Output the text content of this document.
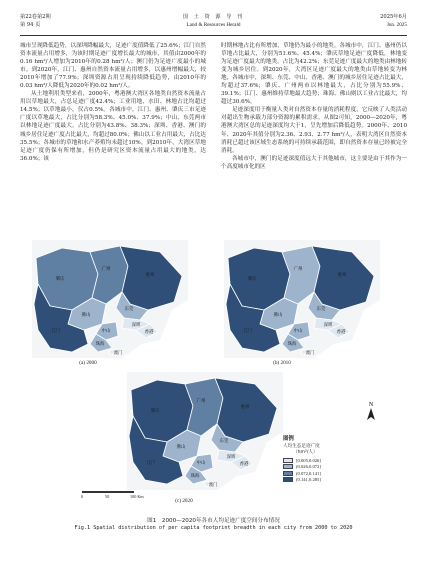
第22卷第2期
第 94 页
国 土 资 源 导 刊
Land & Resources Herald
2025年6月
Jun. 2025

城市呈现降低趋势，以深圳降幅最大，足迹广度值降低了25.6%；江门自然资本流量占用增多，为该时期足迹广度增长最大的城市，其值由2000年的0.16 hm²/人增加为2010年的0.28 hm²/人；澳门仍为足迹广度最小的城市。到2020年，江门、惠州自然资本流量占用增多，以惠州增幅最大，较2010年增加了77.9%；深圳资源占用呈现持续降低趋势，由2010年的0.03 hm²/人降低为2020年的0.02 hm²/人。

从土地利用类型来看，2000年，粤港澳大湾区各地类自然资本流量占用以草地最大，占总足迹广度42.4%；工业用地、水田、林地占比均超过14.5%；以草地最小，仅占0.5%。各城市中，江门、惠州、肇庆三市足迹广度以草地最大，占比分别为58.3%、45.0%、37.9%；中山、东莞两市以林地足迹广度最大，占比分别为43.8%、38.3%；深圳、香港、澳门的城乡居住足迹广度占比最大，均超过80.0%；佛山以工业占用最大，占比达35.5%；各城市的草地和水产养殖均未超过10%。到2010年，大湾区草地足迹广度仍保有所增加，但仍是研究区资本流量占用最大的地类，达36.0%；该

时期林地占比有所增加，草地仍为最小的地类。各城市中，江门、惠州仍以草地占比最大，分别为51.6%、45.4%；肇庆草地足迹广度降低，林地变为足迹广度最大的地类，占比为42.2%；东莞足迹广度最大的地类由林地转变为城乡居住。到2020年，大湾区足迹广度最大的地类由草地转变为林地，各城市中，深圳、东莞、中山、香港、澳门的城乡居住足迹占比最大，均超过37.6%；肇庆、广州两市以林地最大，占比分别为55.9%、39.1%；江门、惠州维持草地最大趋势；珠海、佛山则以工业占比最大，均超过30.6%。

足迹深度用于衡量人类对自然资本存量的消耗程度，它反映了人类活动对超出生物承载力部分资源的累积需求。从图2可知，2000—2020年，粤港澳大湾区总的足迹深度均大于1，呈先增加后降低趋势。2000年、2010年、2020年其值分别为2.36、2.93、2.77 hm²/人，表明大湾区自然资本消耗已超过该区域生态系统的可持续承载范围，即自然资本存量已经被完全消耗。

各城市中，澳门的足迹深度值远大于其他城市，这主要是由于其作为一个高度城市化的区

肇庆
广州
惠州
佛山
东莞
江门	中山
深圳
香港
珠海
澳门
(a) 2000
肇庆
广州
惠州
佛山
东莞
江门	中山
深圳
香港
珠海
澳门
(b) 2010
肇庆
广州
惠州
佛山
东莞
江门	中山
深圳
香港
珠海
澳门
(c) 2020
N
图例
人均生态足迹广度
（hm²/人）
[0.005,0.026]
(0.026,0.072]
(0.072,0.141]
(0.141,0.285]
0	50	100 Km
图1　2000—2020年各市人均足迹广度空间分布情况
Fig.1 Spatial distribution of per capita footprint breadth in each city from 2000 to 2020
